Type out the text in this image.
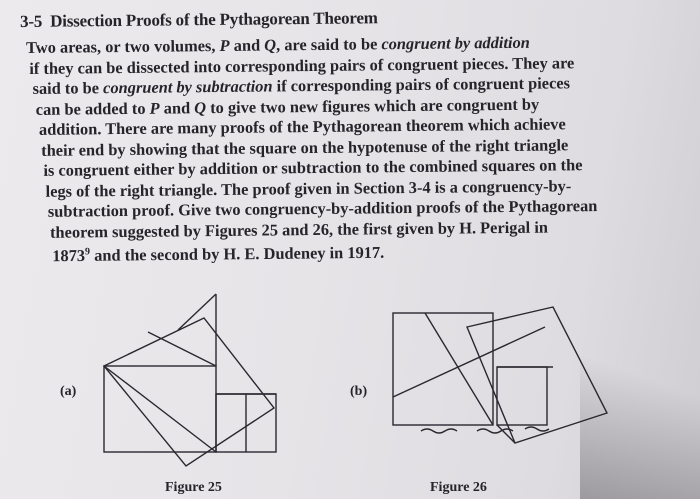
3-5 Dissection Proofs of the Pythagorean Theorem
Two areas, or two volumes, P and Q, are said to be congruent by addition
if they can be dissected into corresponding pairs of congruent pieces. They are
said to be congruent by subtraction if corresponding pairs of congruent pieces
can be added to P and Q to give two new figures which are congruent by
addition. There are many proofs of the Pythagorean theorem which achieve
their end by showing that the square on the hypotenuse of the right triangle
is congruent either by addition or subtraction to the combined squares on the
legs of the right triangle. The proof given in Section 3-4 is a congruency-by-
subtraction proof. Give two congruency-by-addition proofs of the Pythagorean
theorem suggested by Figures 25 and 26, the first given by H. Perigal in
1873$^9$ and the second by H. E. Dudeney in 1917.
(a)
Figure 25
(b)
Figure 26
